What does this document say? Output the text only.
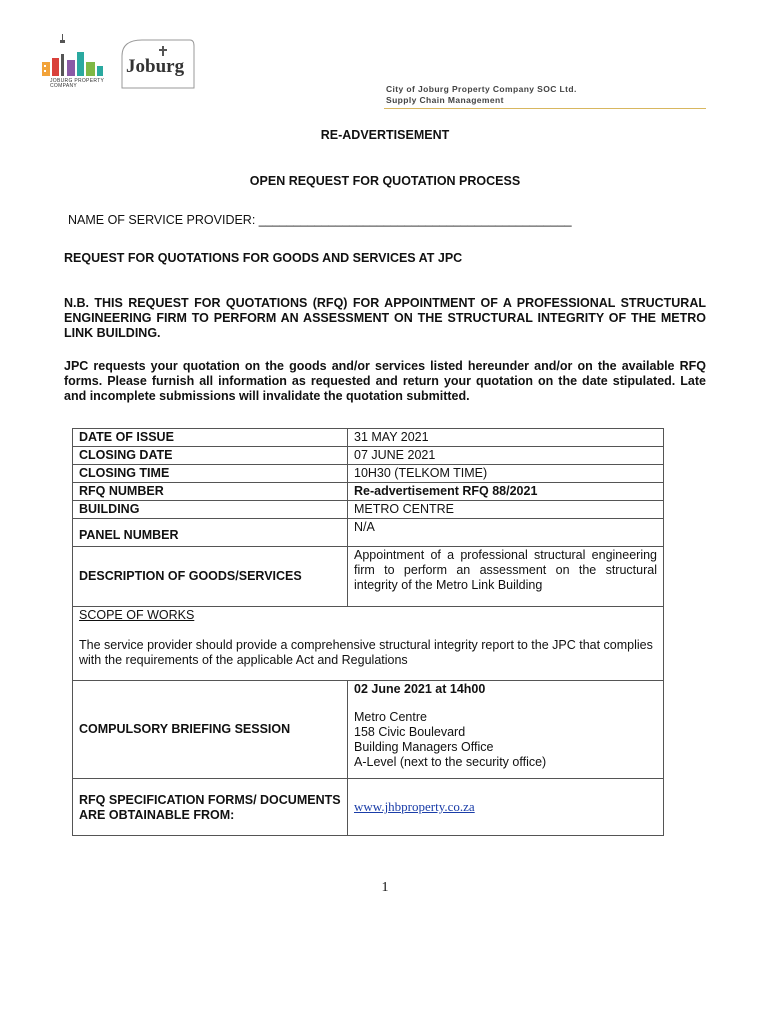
JOBURG PROPERTY COMPANY
Joburg
City of Joburg Property Company SOC Ltd.
Supply Chain Management
RE-ADVERTISEMENT
OPEN REQUEST FOR QUOTATION PROCESS
NAME OF SERVICE PROVIDER: _____________________________________________
REQUEST FOR QUOTATIONS FOR GOODS AND SERVICES AT JPC
N.B. THIS REQUEST FOR QUOTATIONS (RFQ) FOR APPOINTMENT OF A PROFESSIONAL STRUCTURAL ENGINEERING FIRM TO PERFORM AN ASSESSMENT ON THE STRUCTURAL INTEGRITY OF THE METRO LINK BUILDING.
JPC requests your quotation on the goods and/or services listed hereunder and/or on the available RFQ forms. Please furnish all information as requested and return your quotation on the date stipulated. Late and incomplete submissions will invalidate the quotation submitted.
DATE OF ISSUE	31 MAY 2021
CLOSING DATE	07 JUNE 2021
CLOSING TIME	10H30 (TELKOM TIME)
RFQ NUMBER	Re-advertisement RFQ 88/2021
BUILDING	METRO CENTRE
PANEL NUMBER	N/A
DESCRIPTION OF GOODS/SERVICES	Appointment of a professional structural engineering firm to perform an assessment on the structural integrity of the Metro Link Building

SCOPE OF WORKS
The service provider should provide a comprehensive structural integrity report to the JPC that complies with the requirements of the applicable Act and Regulations	

COMPULSORY BRIEFING SESSION	02 June 2021 at 14h00
Metro Centre
158 Civic Boulevard
Building Managers Office
A-Level (next to the security office)

RFQ SPECIFICATION FORMS/ DOCUMENTS ARE OBTAINABLE FROM:	www.jhbproperty.co.za
1
